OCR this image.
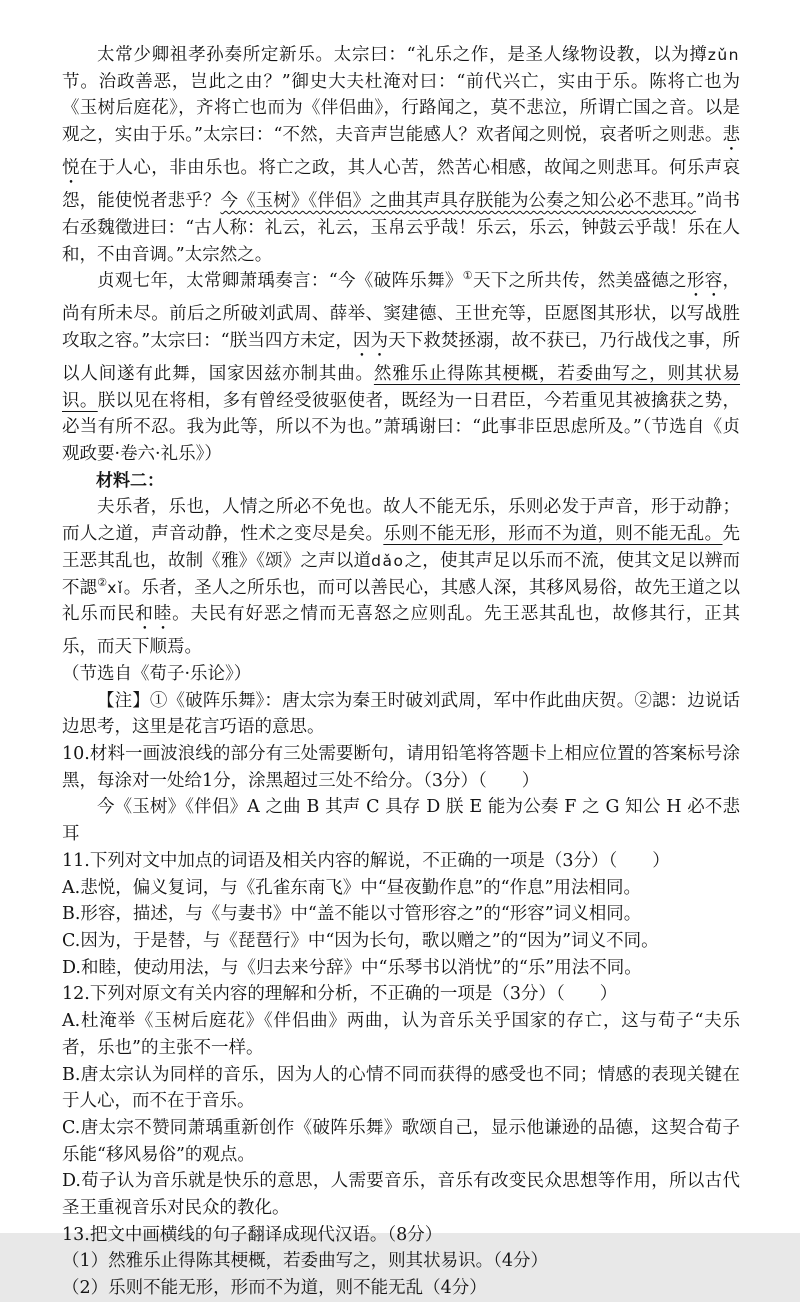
太常少卿祖孝孙奏所定新乐。太宗曰：“礼乐之作，是圣人缘物设教，以为撙zǔn节。治政善恶，岂此之由？”御史大夫杜淹对曰：“前代兴亡，实由于乐。陈将亡也为《玉树后庭花》，齐将亡也而为《伴侣曲》，行路闻之，莫不悲泣，所谓亡国之音。以是观之，实由于乐。”太宗曰：“不然，夫音声岂能感人？欢者闻之则悦，哀者听之则悲。悲悦在于人心，非由乐也。将亡之政，其人心苦，然苦心相感，故闻之则悲耳。何乐声哀怨，能使悦者悲乎？今《玉树》《伴侣》之曲其声具存朕能为公奏之知公必不悲耳。”尚书右丞魏徵进曰：“古人称：礼云，礼云，玉帛云乎哉！乐云，乐云，钟鼓云乎哉！乐在人和，不由音调。”太宗然之。

贞观七年，太常卿萧瑀奏言：“今《破阵乐舞》①天下之所共传，然美盛德之形容，尚有所未尽。前后之所破刘武周、薛举、窦建德、王世充等，臣愿图其形状，以写战胜攻取之容。”太宗曰：“朕当四方未定，因为天下救焚拯溺，故不获已，乃行战伐之事，所以人间遂有此舞，国家因兹亦制其曲。然雅乐止得陈其梗概，若委曲写之，则其状易识。朕以见在将相，多有曾经受彼驱使者，既经为一日君臣，今若重见其被擒获之势，必当有所不忍。我为此等，所以不为也。”萧瑀谢曰：“此事非臣思虑所及。”（节选自《贞观政要·卷六·礼乐》）

材料二：

夫乐者，乐也，人情之所必不免也。故人不能无乐，乐则必发于声音，形于动静；而人之道，声音动静，性术之变尽是矣。乐则不能无形，形而不为道，则不能无乱。先王恶其乱也，故制《雅》《颂》之声以道dǎo之，使其声足以乐而不流，使其文足以辨而不諰②xǐ。乐者，圣人之所乐也，而可以善民心，其感人深，其移风易俗，故先王道之以礼乐而民和睦。夫民有好恶之情而无喜怒之应则乱。先王恶其乱也，故修其行，正其乐，而天下顺焉。

（节选自《荀子·乐论》）

【注】①《破阵乐舞》：唐太宗为秦王时破刘武周，军中作此曲庆贺。②諰：边说话边思考，这里是花言巧语的意思。

10.材料一画波浪线的部分有三处需要断句，请用铅笔将答题卡上相应位置的答案标号涂黑，每涂对一处给1分，涂黑超过三处不给分。（3分）（　　）

今《玉树》《伴侣》A 之曲 B 其声 C 具存 D 朕 E 能为公奏 F 之 G 知公 H 必不悲耳

11.下列对文中加点的词语及相关内容的解说，不正确的一项是（3分）（　　）

A.悲悦，偏义复词，与《孔雀东南飞》中“昼夜勤作息”的“作息”用法相同。

B.形容，描述，与《与妻书》中“盖不能以寸管形容之”的“形容”词义相同。

C.因为，于是替，与《琵琶行》中“因为长句，歌以赠之”的“因为”词义不同。

D.和睦，使动用法，与《归去来兮辞》中“乐琴书以消忧”的“乐”用法不同。

12.下列对原文有关内容的理解和分析，不正确的一项是（3分）（　　）

A.杜淹举《玉树后庭花》《伴侣曲》两曲，认为音乐关乎国家的存亡，这与荀子“夫乐者，乐也”的主张不一样。

B.唐太宗认为同样的音乐，因为人的心情不同而获得的感受也不同；情感的表现关键在于人心，而不在于音乐。

C.唐太宗不赞同萧瑀重新创作《破阵乐舞》歌颂自己，显示他谦逊的品德，这契合荀子乐能“移风易俗”的观点。

D.荀子认为音乐就是快乐的意思，人需要音乐，音乐有改变民众思想等作用，所以古代圣王重视音乐对民众的教化。

13.把文中画横线的句子翻译成现代汉语。（8分）

（1）然雅乐止得陈其梗概，若委曲写之，则其状易识。（4分）

（2）乐则不能无形，形而不为道，则不能无乱（4分）
